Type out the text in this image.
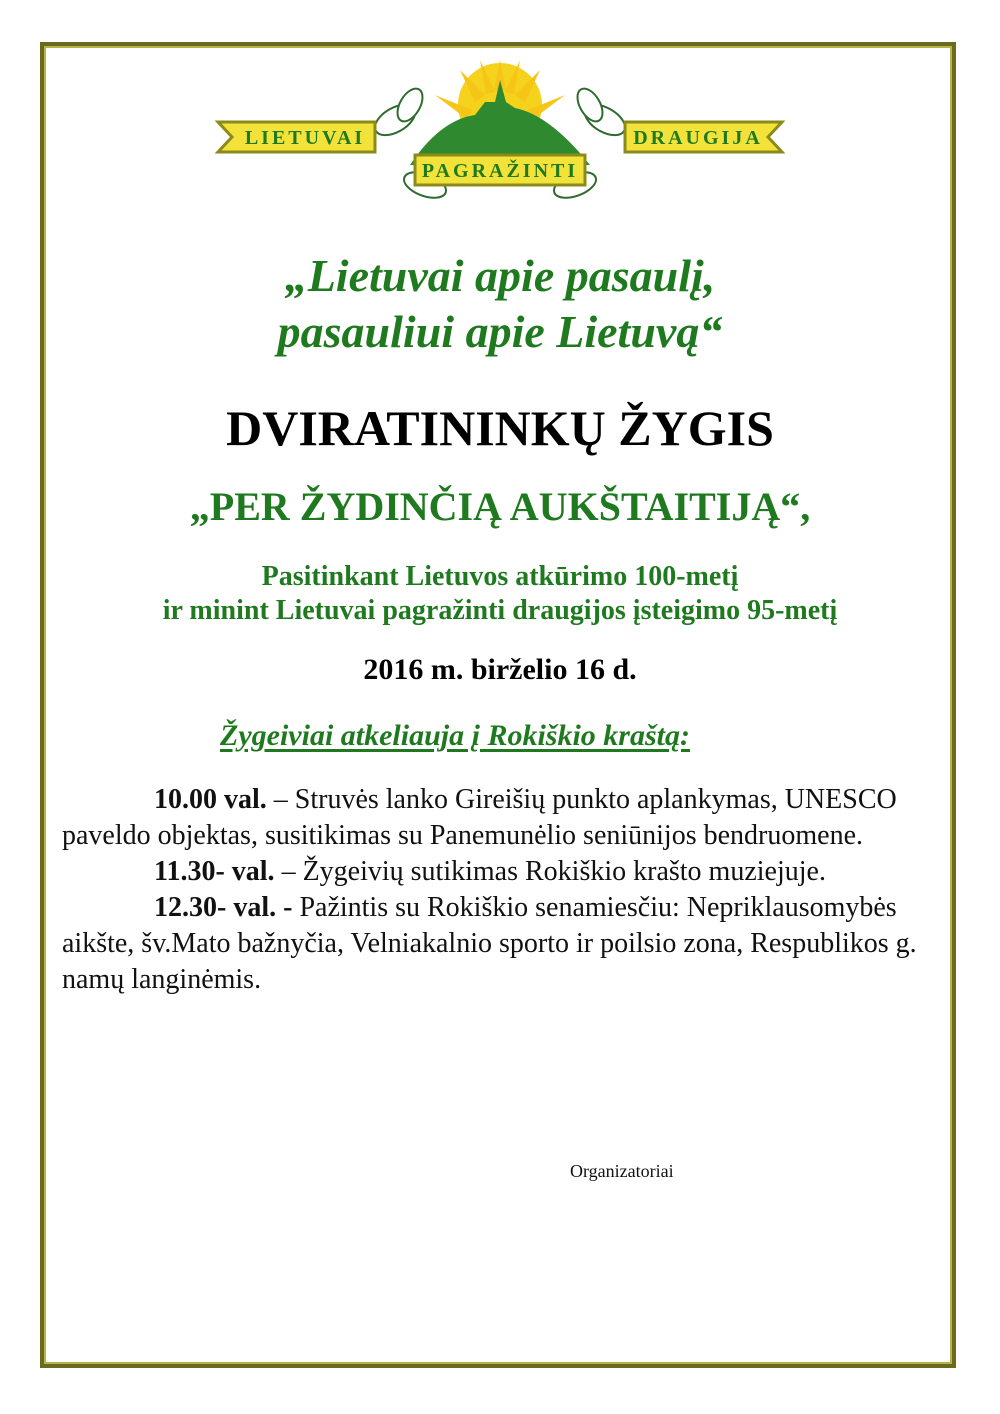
LIETUVAI
PAGRAŽINTI
DRAUGIJA
„Lietuvai apie pasaulį,
pasauliui apie Lietuvą“
DVIRATININKŲ ŽYGIS
„PER ŽYDINČIĄ AUKŠTAITIJĄ“,
Pasitinkant Lietuvos atkūrimo 100-metį
ir minint Lietuvai pagražinti draugijos įsteigimo 95-metį
2016 m. birželio 16 d.
Žygeiviai atkeliauja į Rokiškio kraštą:

10.00 val. – Struvės lanko Gireišių punkto aplankymas, UNESCO paveldo objektas, susitikimas su Panemunėlio seniūnijos bendruomene.

11.30- val. – Žygeivių sutikimas Rokiškio krašto muziejuje.

12.30- val. - Pažintis su Rokiškio senamiesčiu: Nepriklausomybės aikšte, šv.Mato bažnyčia, Velniakalnio sporto ir poilsio zona, Respublikos g. namų langinėmis.

Organizatoriai
